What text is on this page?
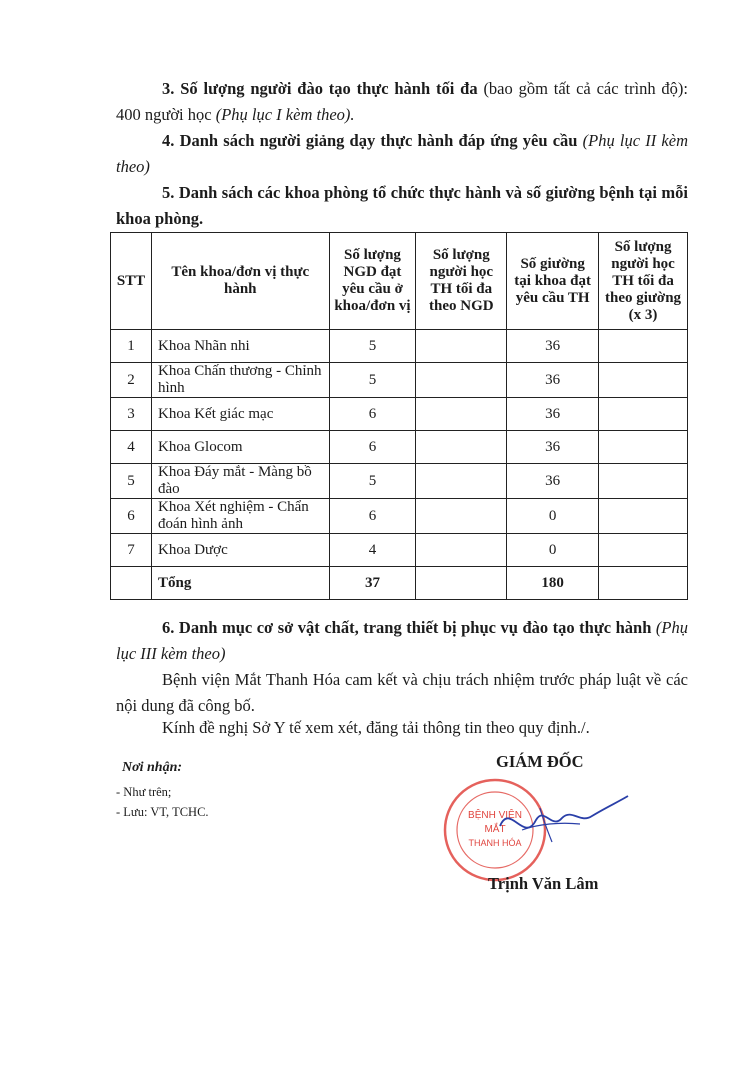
3. Số lượng người đào tạo thực hành tối đa (bao gồm tất cả các trình độ): 400 người học (Phụ lục I kèm theo).
4. Danh sách người giảng dạy thực hành đáp ứng yêu cầu (Phụ lục II kèm theo)
5. Danh sách các khoa phòng tổ chức thực hành và số giường bệnh tại mỗi khoa phòng.
STT	Tên khoa/đơn vị thực hành	Số lượng NGD đạt yêu cầu ở khoa/đơn vị	Số lượng người học TH tối đa theo NGD	Số giường tại khoa đạt yêu cầu TH	Số lượng người học TH tối đa theo giường (x 3)
1	Khoa Nhãn nhi	5		36	
2	Khoa Chấn thương - Chỉnh hình	5		36	
3	Khoa Kết giác mạc	6		36	
4	Khoa Glocom	6		36	
5	Khoa Đáy mắt - Màng bồ đào	5		36	
6	Khoa Xét nghiệm - Chẩn đoán hình ảnh	6		0	
7	Khoa Dược	4		0	
	Tổng	37		180	
6. Danh mục cơ sở vật chất, trang thiết bị phục vụ đào tạo thực hành (Phụ lục III kèm theo)
Bệnh viện Mắt Thanh Hóa cam kết và chịu trách nhiệm trước pháp luật về các nội dung đã công bố.
Kính đề nghị Sở Y tế xem xét, đăng tải thông tin theo quy định./.
Nơi nhận:
- Như trên;
- Lưu: VT, TCHC.
GIÁM ĐỐC
BỆNH VIỆN
MẮT
THANH HÓA
Trịnh Văn Lâm
